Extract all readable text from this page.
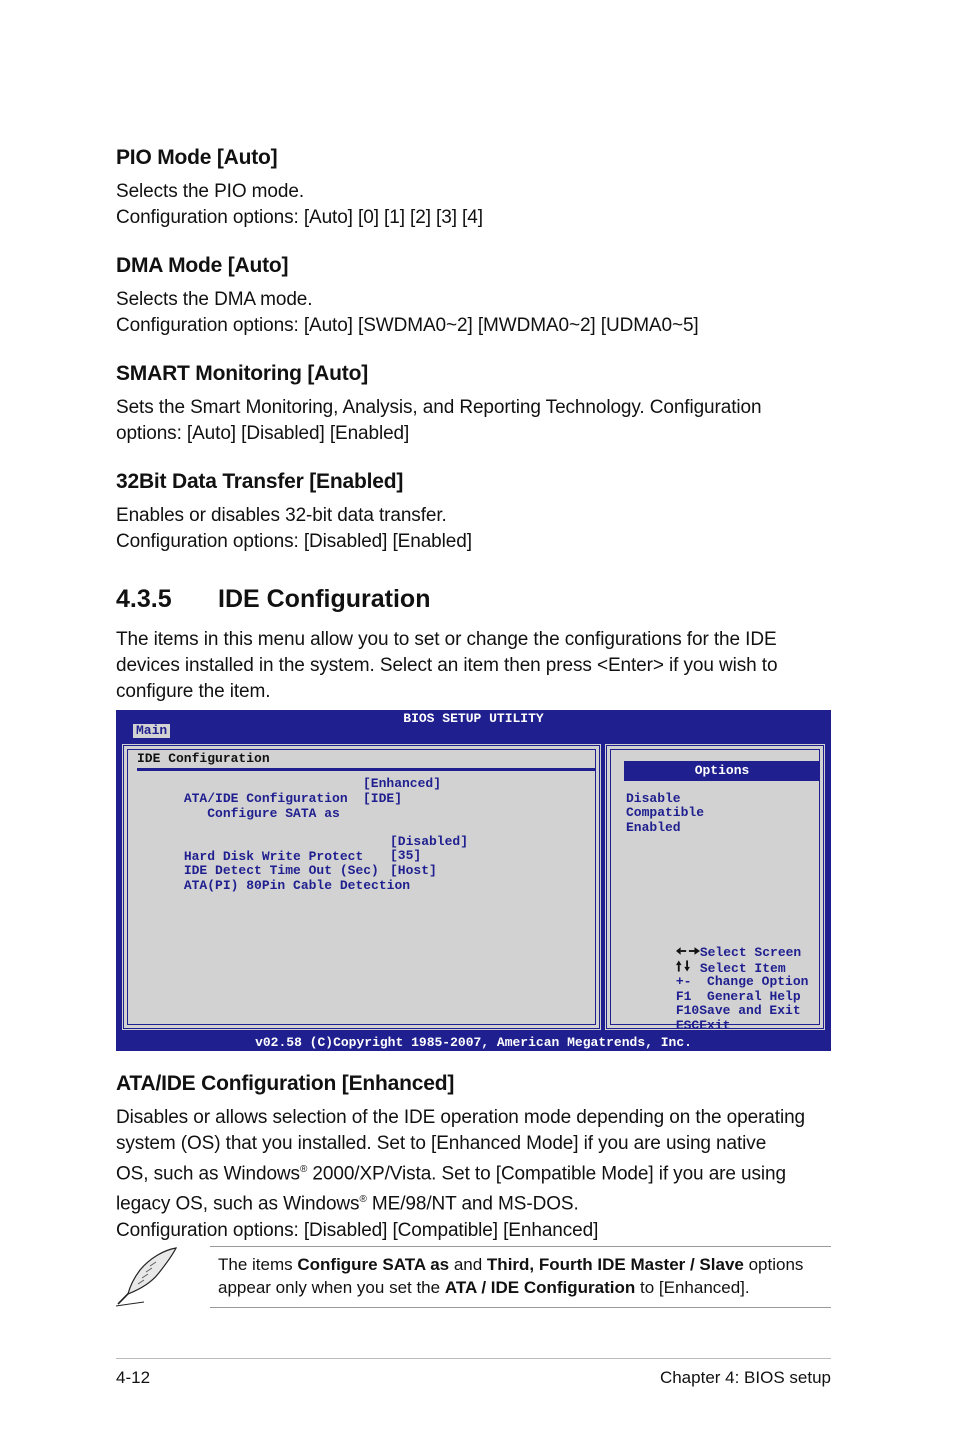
PIO Mode [Auto]
Selects the PIO mode.
Configuration options: [Auto] [0] [1] [2] [3] [4]
DMA Mode [Auto]
Selects the DMA mode.
Configuration options: [Auto] [SWDMA0~2] [MWDMA0~2] [UDMA0~5]
SMART Monitoring [Auto]
Sets the Smart Monitoring, Analysis, and Reporting Technology. Configuration
options: [Auto] [Disabled] [Enabled]
32Bit Data Transfer [Enabled]
Enables or disables 32-bit data transfer.
Configuration options: [Disabled] [Enabled]
4.3.5 IDE Configuration
The items in this menu allow you to set or change the configurations for the IDE
devices installed in the system. Select an item then press <Enter> if you wish to
configure the item.
BIOS SETUP UTILITY
Main
IDE Configuration

ATA/IDE Configuration

[Enhanced]

Configure SATA as

[IDE]

Hard Disk Write Protect

[Disabled]

IDE Detect Time Out (Sec)

[35]

ATA(PI) 80Pin Cable Detection

[Host]
Options
Disable
Compatible
Enabled

Select Screen

Select Item

+- Change Option

F1 General Help

F10Save and Exit

ESCExit

v02.58 (C)Copyright 1985-2007, American Megatrends, Inc.
ATA/IDE Configuration [Enhanced]
Disables or allows selection of the IDE operation mode depending on the operating
system (OS) that you installed. Set to [Enhanced Mode] if you are using native
OS, such as Windows® 2000/XP/Vista. Set to [Compatible Mode] if you are using
legacy OS, such as Windows® ME/98/NT and MS-DOS.
Configuration options: [Disabled] [Compatible] [Enhanced]
The items Configure SATA as and Third, Fourth IDE Master / Slave options
appear only when you set the ATA / IDE Configuration to [Enhanced].
4-12	Chapter 4: BIOS setup
